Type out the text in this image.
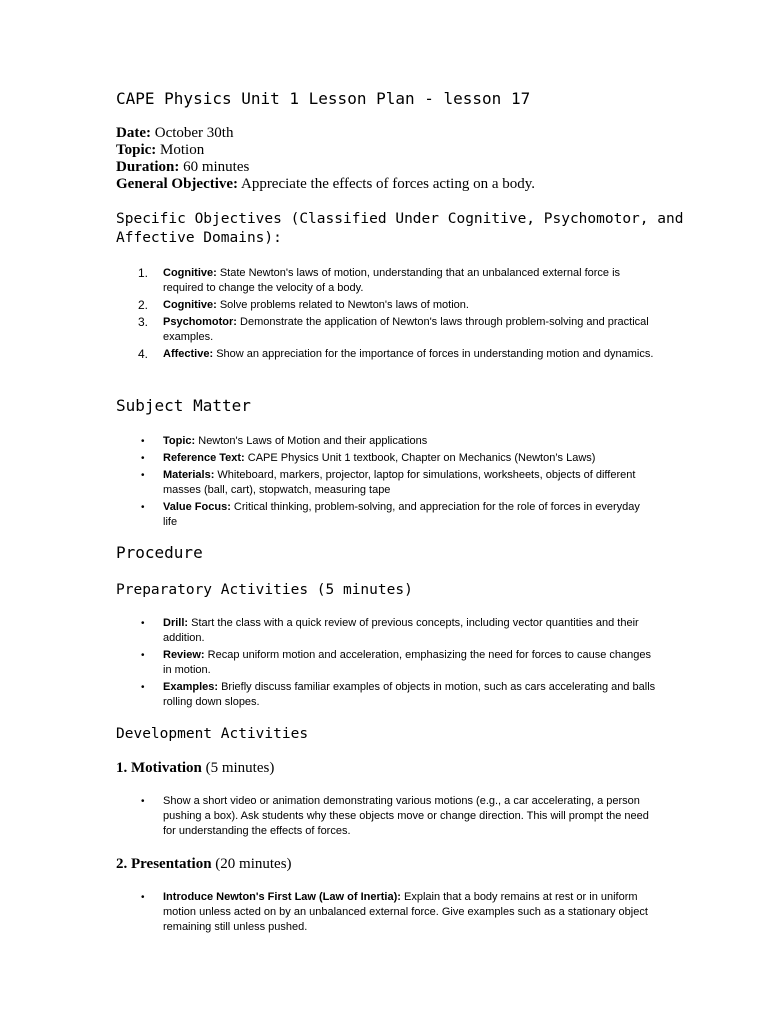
CAPE Physics Unit 1 Lesson Plan - lesson 17
Date: October 30th
Topic: Motion
Duration: 60 minutes
General Objective: Appreciate the effects of forces acting on a body.
Specific Objectives (Classified Under Cognitive, Psychomotor, and
Affective Domains):
1. Cognitive: State Newton's laws of motion, understanding that an unbalanced external force is required to change the velocity of a body.
2. Cognitive: Solve problems related to Newton's laws of motion.
3. Psychomotor: Demonstrate the application of Newton's laws through problem-solving and practical examples.
4. Affective: Show an appreciation for the importance of forces in understanding motion and dynamics.
Subject Matter
• Topic: Newton's Laws of Motion and their applications
• Reference Text: CAPE Physics Unit 1 textbook, Chapter on Mechanics (Newton’s Laws)
• Materials: Whiteboard, markers, projector, laptop for simulations, worksheets, objects of different masses (ball, cart), stopwatch, measuring tape
• Value Focus: Critical thinking, problem-solving, and appreciation for the role of forces in everyday life
Procedure
Preparatory Activities (5 minutes)
• Drill: Start the class with a quick review of previous concepts, including vector quantities and their addition.
• Review: Recap uniform motion and acceleration, emphasizing the need for forces to cause changes in motion.
• Examples: Briefly discuss familiar examples of objects in motion, such as cars accelerating and balls rolling down slopes.
Development Activities
1. Motivation (5 minutes)
• Show a short video or animation demonstrating various motions (e.g., a car accelerating, a person pushing a box). Ask students why these objects move or change direction. This will prompt the need for understanding the effects of forces.
2. Presentation (20 minutes)
• Introduce Newton's First Law (Law of Inertia): Explain that a body remains at rest or in uniform motion unless acted on by an unbalanced external force. Give examples such as a stationary object remaining still unless pushed.
